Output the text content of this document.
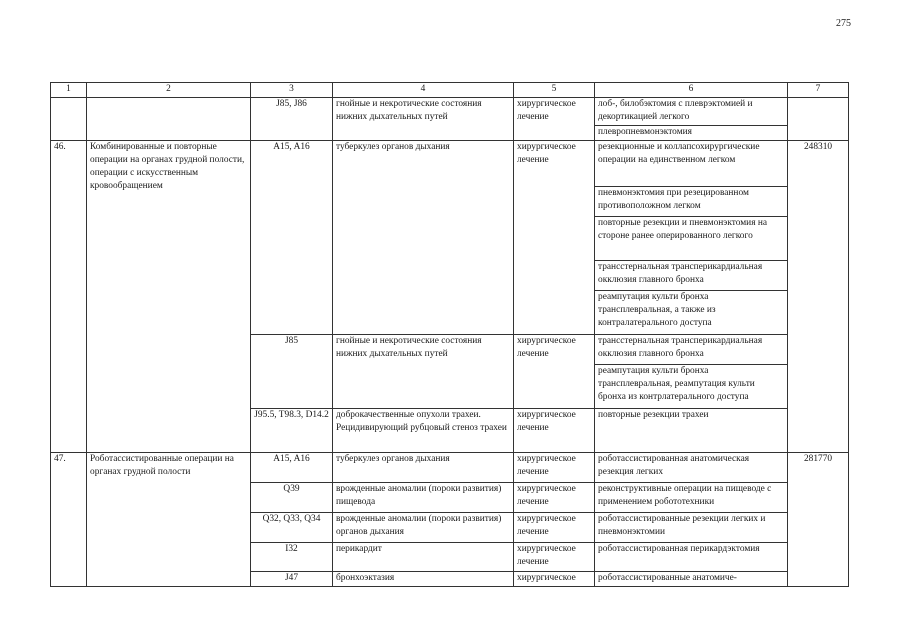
275
1	2	3	4	5	6	7
		J85, J86	гнойные и некротические состояния нижних дыхательных путей	хирургическое лечение	лоб-, билобэктомия с плеврэктомией и декортикацией легкого	
					плевропневмонэктомия	
46.	Комбинированные и повторные операции на органах грудной полости, операции с искусственным кровообращением	A15, A16	туберкулез органов дыхания	хирургическое лечение	резекционные и коллапсохирургические операции на единственном легком	248310
					пневмонэктомия при резецированном противоположном легком	
					повторные резекции и пневмонэктомия на стороне ранее оперированного легкого	
					трансстернальная трансперикардиальная окклюзия главного бронха	
					реампутация культи бронха трансплевральная, а также из контралатерального доступа	
		J85	гнойные и некротические состояния нижних дыхательных путей	хирургическое лечение	трансстернальная трансперикардиальная окклюзия главного бронха	
					реампутация культи бронха трансплевральная, реампутация культи бронха из контрлатерального доступа	
		J95.5, T98.3, D14.2	доброкачественные опухоли трахеи. Рецидивирующий рубцовый стеноз трахеи	хирургическое лечение	повторные резекции трахеи	
47.	Роботассистированные операции на органах грудной полости	A15, A16	туберкулез органов дыхания	хирургическое лечение	роботассистированная анатомическая резекция легких	281770
		Q39	врожденные аномалии (пороки развития) пищевода	хирургическое лечение	реконструктивные операции на пищеводе с применением робототехники	
		Q32, Q33, Q34	врожденные аномалии (пороки развития) органов дыхания	хирургическое лечение	роботассистированные резекции легких и пневмонэктомии	
		I32	перикардит	хирургическое лечение	роботассистированная перикардэктомия	
		J47	бронхоэктазия	хирургическое	роботассистированные анатомиче-	
